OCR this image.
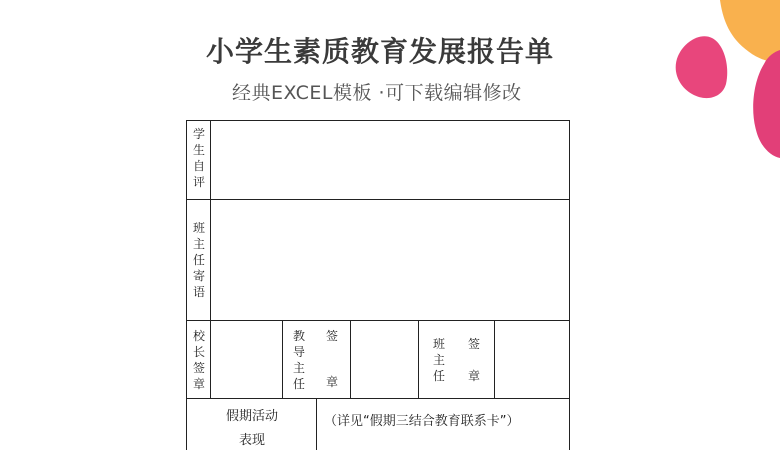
小学生素质教育发展报告单
经典EXCEL模板 ·可下载编辑修改
学生自评
班主任寄语
校长签章
教导主任
签
章
班主任
签
章
假期活动表现
（详见“假期三结合教育联系卡”）
